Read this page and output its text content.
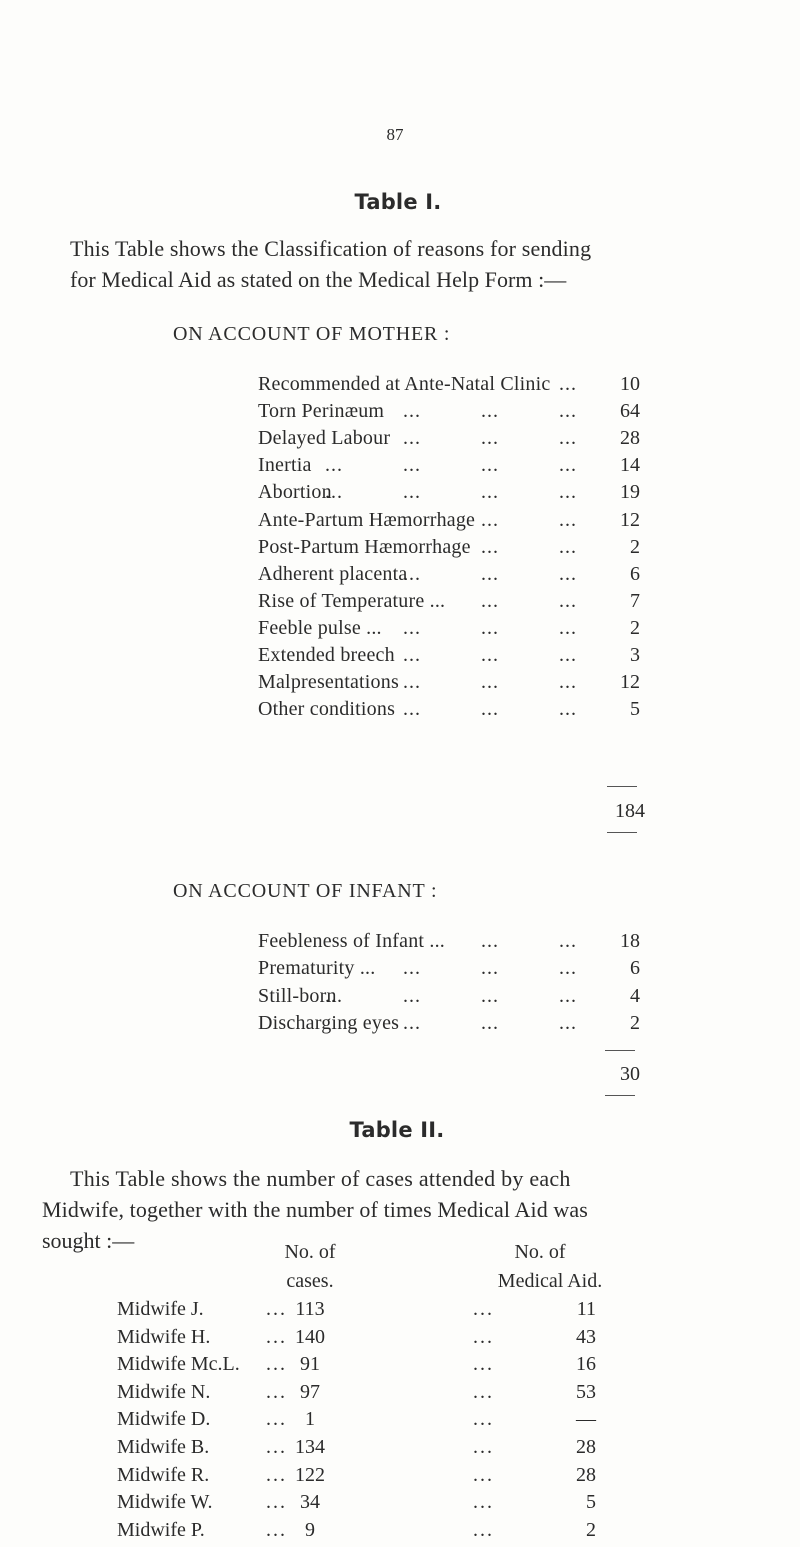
87
Table I.
This Table shows the Classification of reasons for sending
for Medical Aid as stated on the Medical Help Form :—
ON ACCOUNT OF MOTHER :
Recommended at Ante-Natal Clinic	10
Torn Perinæum	64
Delayed Labour	28
Inertia	14
Abortion	19
Ante-Partum Hæmorrhage	12
Post-Partum Hæmorrhage	2
Adherent placenta	6
Rise of Temperature ...	7
Feeble pulse ...	2
Extended breech	3
Malpresentations	12
Other conditions	5
...
...          ...          ...
...          ...          ...
...          ...          ...          ...
...          ...          ...          ...
...          ...
...          ...
...          ...          ...
...          ...
...          ...          ...
...          ...          ...
...          ...          ...
...          ...          ...
184
ON ACCOUNT OF INFANT :
Feebleness of Infant ...	18
Prematurity ...	6
Still-born	4
Discharging eyes	2
...          ...
...          ...          ...
...          ...          ...          ...
...          ...          ...
30
Table II.
This Table shows the number of cases attended by each
Midwife, together with the number of times Medical Aid was
sought :—	No. of
cases.
No. of
Medical Aid.
Midwife J.	... 113	...	11
Midwife H.	... 140	...	43
Midwife Mc.L.	... 91	...	16
Midwife N.	... 97	...	53
Midwife D.	... 1	...	—
Midwife B.	... 134	...	28
Midwife R.	... 122	...	28
Midwife W.	... 34	...	5
Midwife P.	... 9	...	2
